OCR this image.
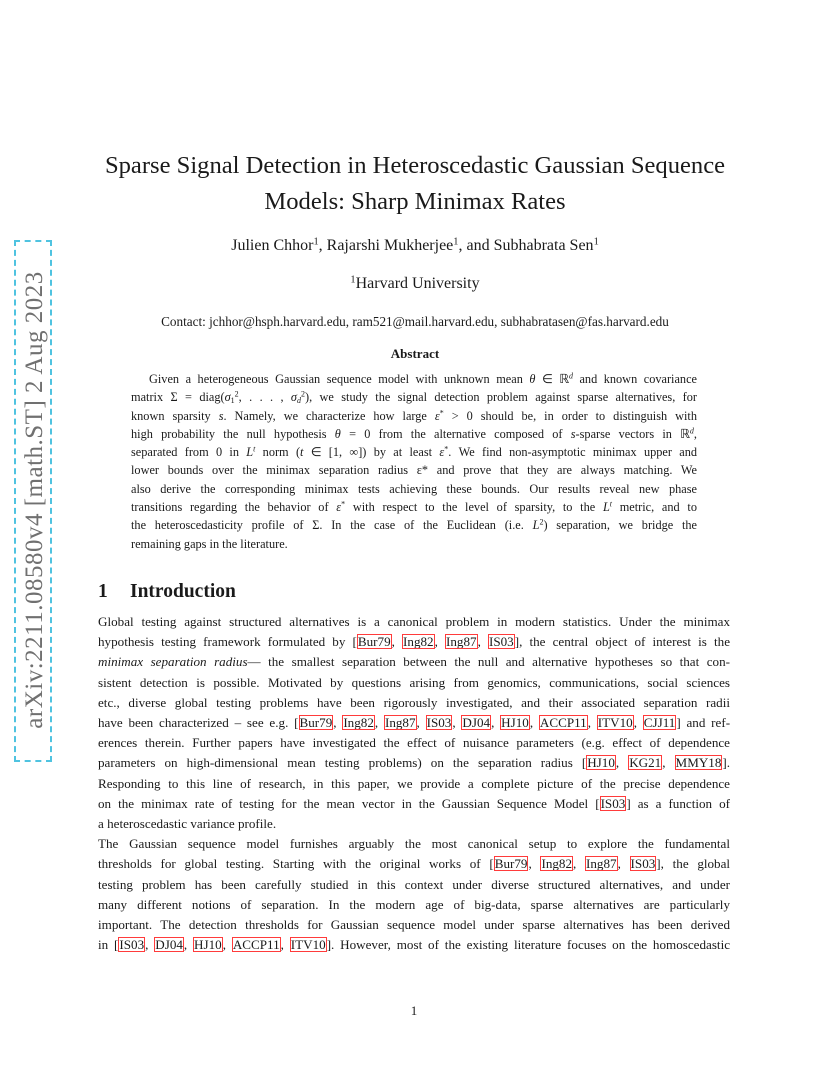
arXiv:2211.08580v4 [math.ST] 2 Aug 2023
Sparse Signal Detection in Heteroscedastic Gaussian Sequence
Models: Sharp Minimax Rates
Julien Chhor$^1$, Rajarshi Mukherjee$^1$, and Subhabrata Sen$^1$
$^1$Harvard University
Contact: jchhor@hsph.harvard.edu, ram521@mail.harvard.edu, subhabratasen@fas.harvard.edu
Abstract
Given a heterogeneous Gaussian sequence model with unknown mean θ ∈ ℝ$^d$ and known covariance
matrix $\Sigma = diag(\sigma_1^2$, . . . , $\sigma_d^2$), we study the signal detection problem against sparse alternatives, for
known sparsity s. Namely, we characterize how large ε* > 0 should be, in order to distinguish with
high probability the null hypothesis θ = 0 from the alternative composed of s-sparse vectors in ℝ$^d$,
separated from 0 in $L^t$ norm (t ∈ [1, ∞]) by at least ε*. We find non-asymptotic minimax upper and
lower bounds over the minimax separation radius ε* and prove that they are always matching. We
also derive the corresponding minimax tests achieving these bounds. Our results reveal new phase
transitions regarding the behavior of ε* with respect to the level of sparsity, to the $L^t$ metric, and to
the heteroscedasticity profile of Σ. In the case of the Euclidean (i.e. $L^2$) separation, we bridge the
remaining gaps in the literature.
1 Introduction
Global testing against structured alternatives is a canonical problem in modern statistics. Under the minimax
hypothesis testing framework formulated by [Bur79, Ing82, Ing87, IS03], the central object of interest is the
minimax separation radius— the smallest separation between the null and alternative hypotheses so that con-
sistent detection is possible. Motivated by questions arising from genomics, communications, social sciences
etc., diverse global testing problems have been rigorously investigated, and their associated separation radii
have been characterized – see e.g. [Bur79, Ing82, Ing87, IS03, DJ04, HJ10, ACCP11, ITV10, CJJ11] and ref-
erences therein. Further papers have investigated the effect of nuisance parameters (e.g. effect of dependence
parameters on high-dimensional mean testing problems) on the separation radius [HJ10, KG21, MMY18].
Responding to this line of research, in this paper, we provide a complete picture of the precise dependence
on the minimax rate of testing for the mean vector in the Gaussian Sequence Model [IS03] as a function of
a heteroscedastic variance profile.
The Gaussian sequence model furnishes arguably the most canonical setup to explore the fundamental
thresholds for global testing. Starting with the original works of [Bur79, Ing82, Ing87, IS03], the global
testing problem has been carefully studied in this context under diverse structured alternatives, and under
many different notions of separation. In the modern age of big-data, sparse alternatives are particularly
important. The detection thresholds for Gaussian sequence model under sparse alternatives has been derived
in [IS03, DJ04, HJ10, ACCP11, ITV10]. However, most of the existing literature focuses on the homoscedastic
1
